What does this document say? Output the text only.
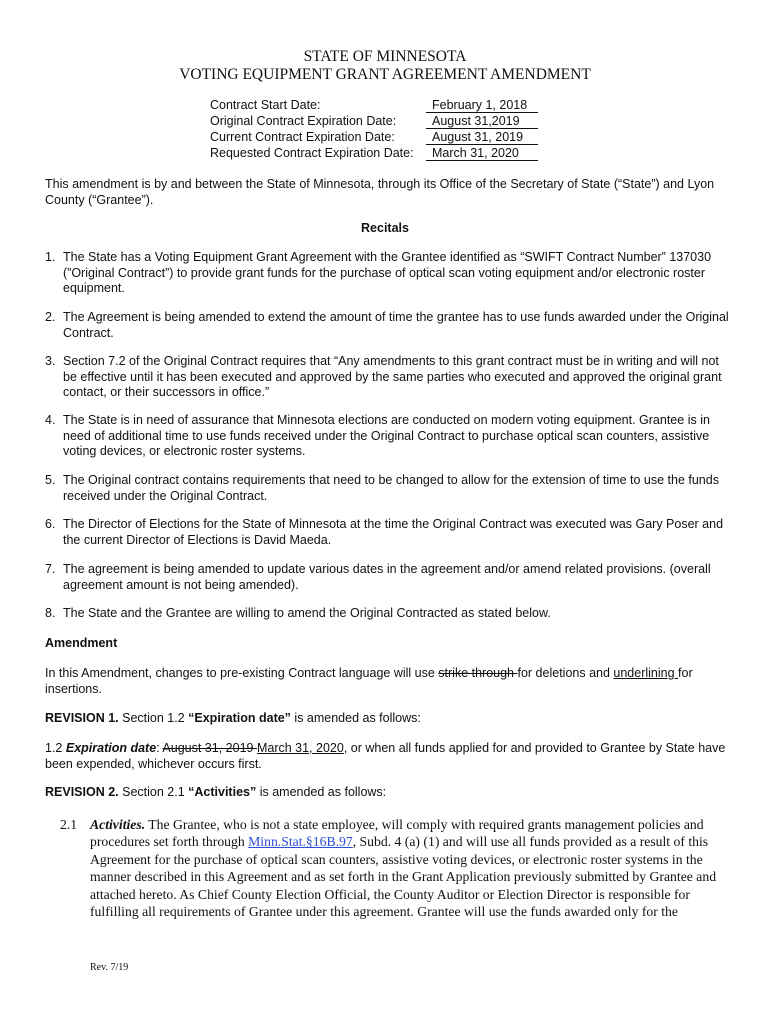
STATE OF MINNESOTA
VOTING EQUIPMENT GRANT AGREEMENT AMENDMENT
Contract Start Date:	February 1, 2018
Original Contract Expiration Date:	August 31,2019
Current Contract Expiration Date:	August 31, 2019
Requested Contract Expiration Date:	March 31, 2020

This amendment is by and between the State of Minnesota, through its Office of the Secretary of State (“State”) and Lyon County (“Grantee”).

Recitals
1. The State has a Voting Equipment Grant Agreement with the Grantee identified as “SWIFT Contract Number” 137030 (”Original Contract”) to provide grant funds for the purchase of optical scan voting equipment and/or electronic roster equipment.
2. The Agreement is being amended to extend the amount of time the grantee has to use funds awarded under the Original Contract.
3. Section 7.2 of the Original Contract requires that “Any amendments to this grant contract must be in writing and will not be effective until it has been executed and approved by the same parties who executed and approved the original grant contact, or their successors in office.”
4. The State is in need of assurance that Minnesota elections are conducted on modern voting equipment. Grantee is in need of additional time to use funds received under the Original Contract to purchase optical scan counters, assistive voting devices, or electronic roster systems.
5. The Original contract contains requirements that need to be changed to allow for the extension of time to use the funds received under the Original Contract.
6. The Director of Elections for the State of Minnesota at the time the Original Contract was executed was Gary Poser and the current Director of Elections is David Maeda.
7. The agreement is being amended to update various dates in the agreement and/or amend related provisions. (overall agreement amount is not being amended).
8. The State and the Grantee are willing to amend the Original Contracted as stated below.
Amendment

In this Amendment, changes to pre-existing Contract language will use strike through for deletions and underlining for insertions.

REVISION 1. Section 1.2 “Expiration date” is amended as follows:

1.2 Expiration date: August 31, 2019 March 31, 2020, or when all funds applied for and provided to Grantee by State have been expended, whichever occurs first.

REVISION 2. Section 2.1 “Activities” is amended as follows:

2.1 Activities. The Grantee, who is not a state employee, will comply with required grants management policies and procedures set forth through Minn.Stat.§16B.97, Subd. 4 (a) (1) and will use all funds provided as a result of this Agreement for the purchase of optical scan counters, assistive voting devices, or electronic roster systems in the manner described in this Agreement and as set forth in the Grant Application previously submitted by Grantee and attached hereto. As Chief County Election Official, the County Auditor or Election Director is responsible for fulfilling all requirements of Grantee under this agreement. Grantee will use the funds awarded only for the
Rev. 7/19
